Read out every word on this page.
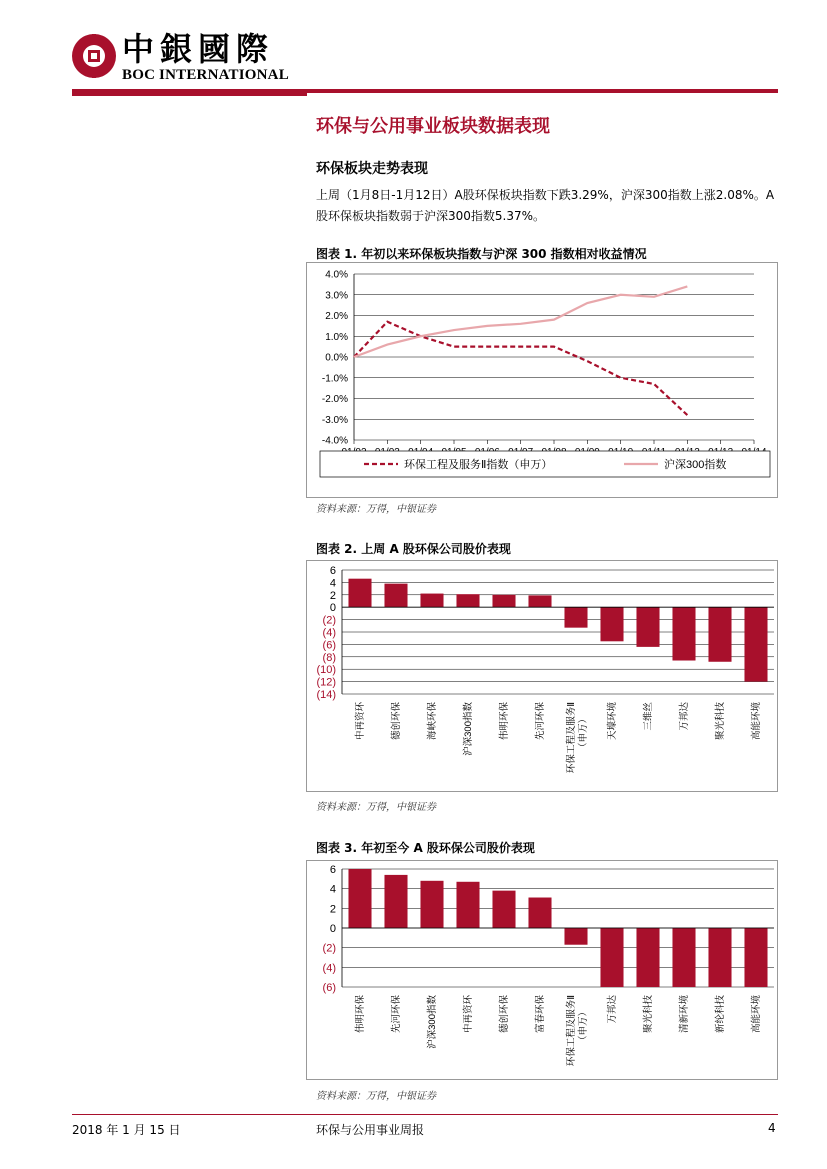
中銀國際
BOC INTERNATIONAL
环保与公用事业板块数据表现
环保板块走势表现
上周（1月8日-1月12日）A股环保板块指数下跌3.29%，沪深300指数上涨2.08%。A股环保板块指数弱于沪深300指数5.37%。
图表 1. 年初以来环保板块指数与沪深 300 指数相对收益情况
4.0%
3.0%
2.0%
1.0%
0.0%
-1.0%
-2.0%
-3.0%
-4.0%
环保工程及服务Ⅱ指数（申万）	沪深300指数
资料来源：万得，中银证券
图表 2. 上周 A 股环保公司股价表现
6
4
2
0
(2)
(4)
(6)
(8)
(10)
(12)
(14)
中再资环	德创环保	海峡环保	沪深300指数	伟明环保	先河环保 环保工程及服务Ⅱ （申万） 天壕环境	三维丝	万邦达	聚光科技	高能环境
资料来源：万得，中银证券
图表 3. 年初至今 A 股环保公司股价表现
6
4
2
0
(2)
(4)
(6)
伟明环保	先河环保	沪深300指数	中再资环	德创环保	富春环保 环保工程及服务Ⅱ （申万） 万邦达	聚光科技	清新环境	新纶科技	高能环境
资料来源：万得，中银证券
2018 年 1 月 15 日	环保与公用事业周报	4
